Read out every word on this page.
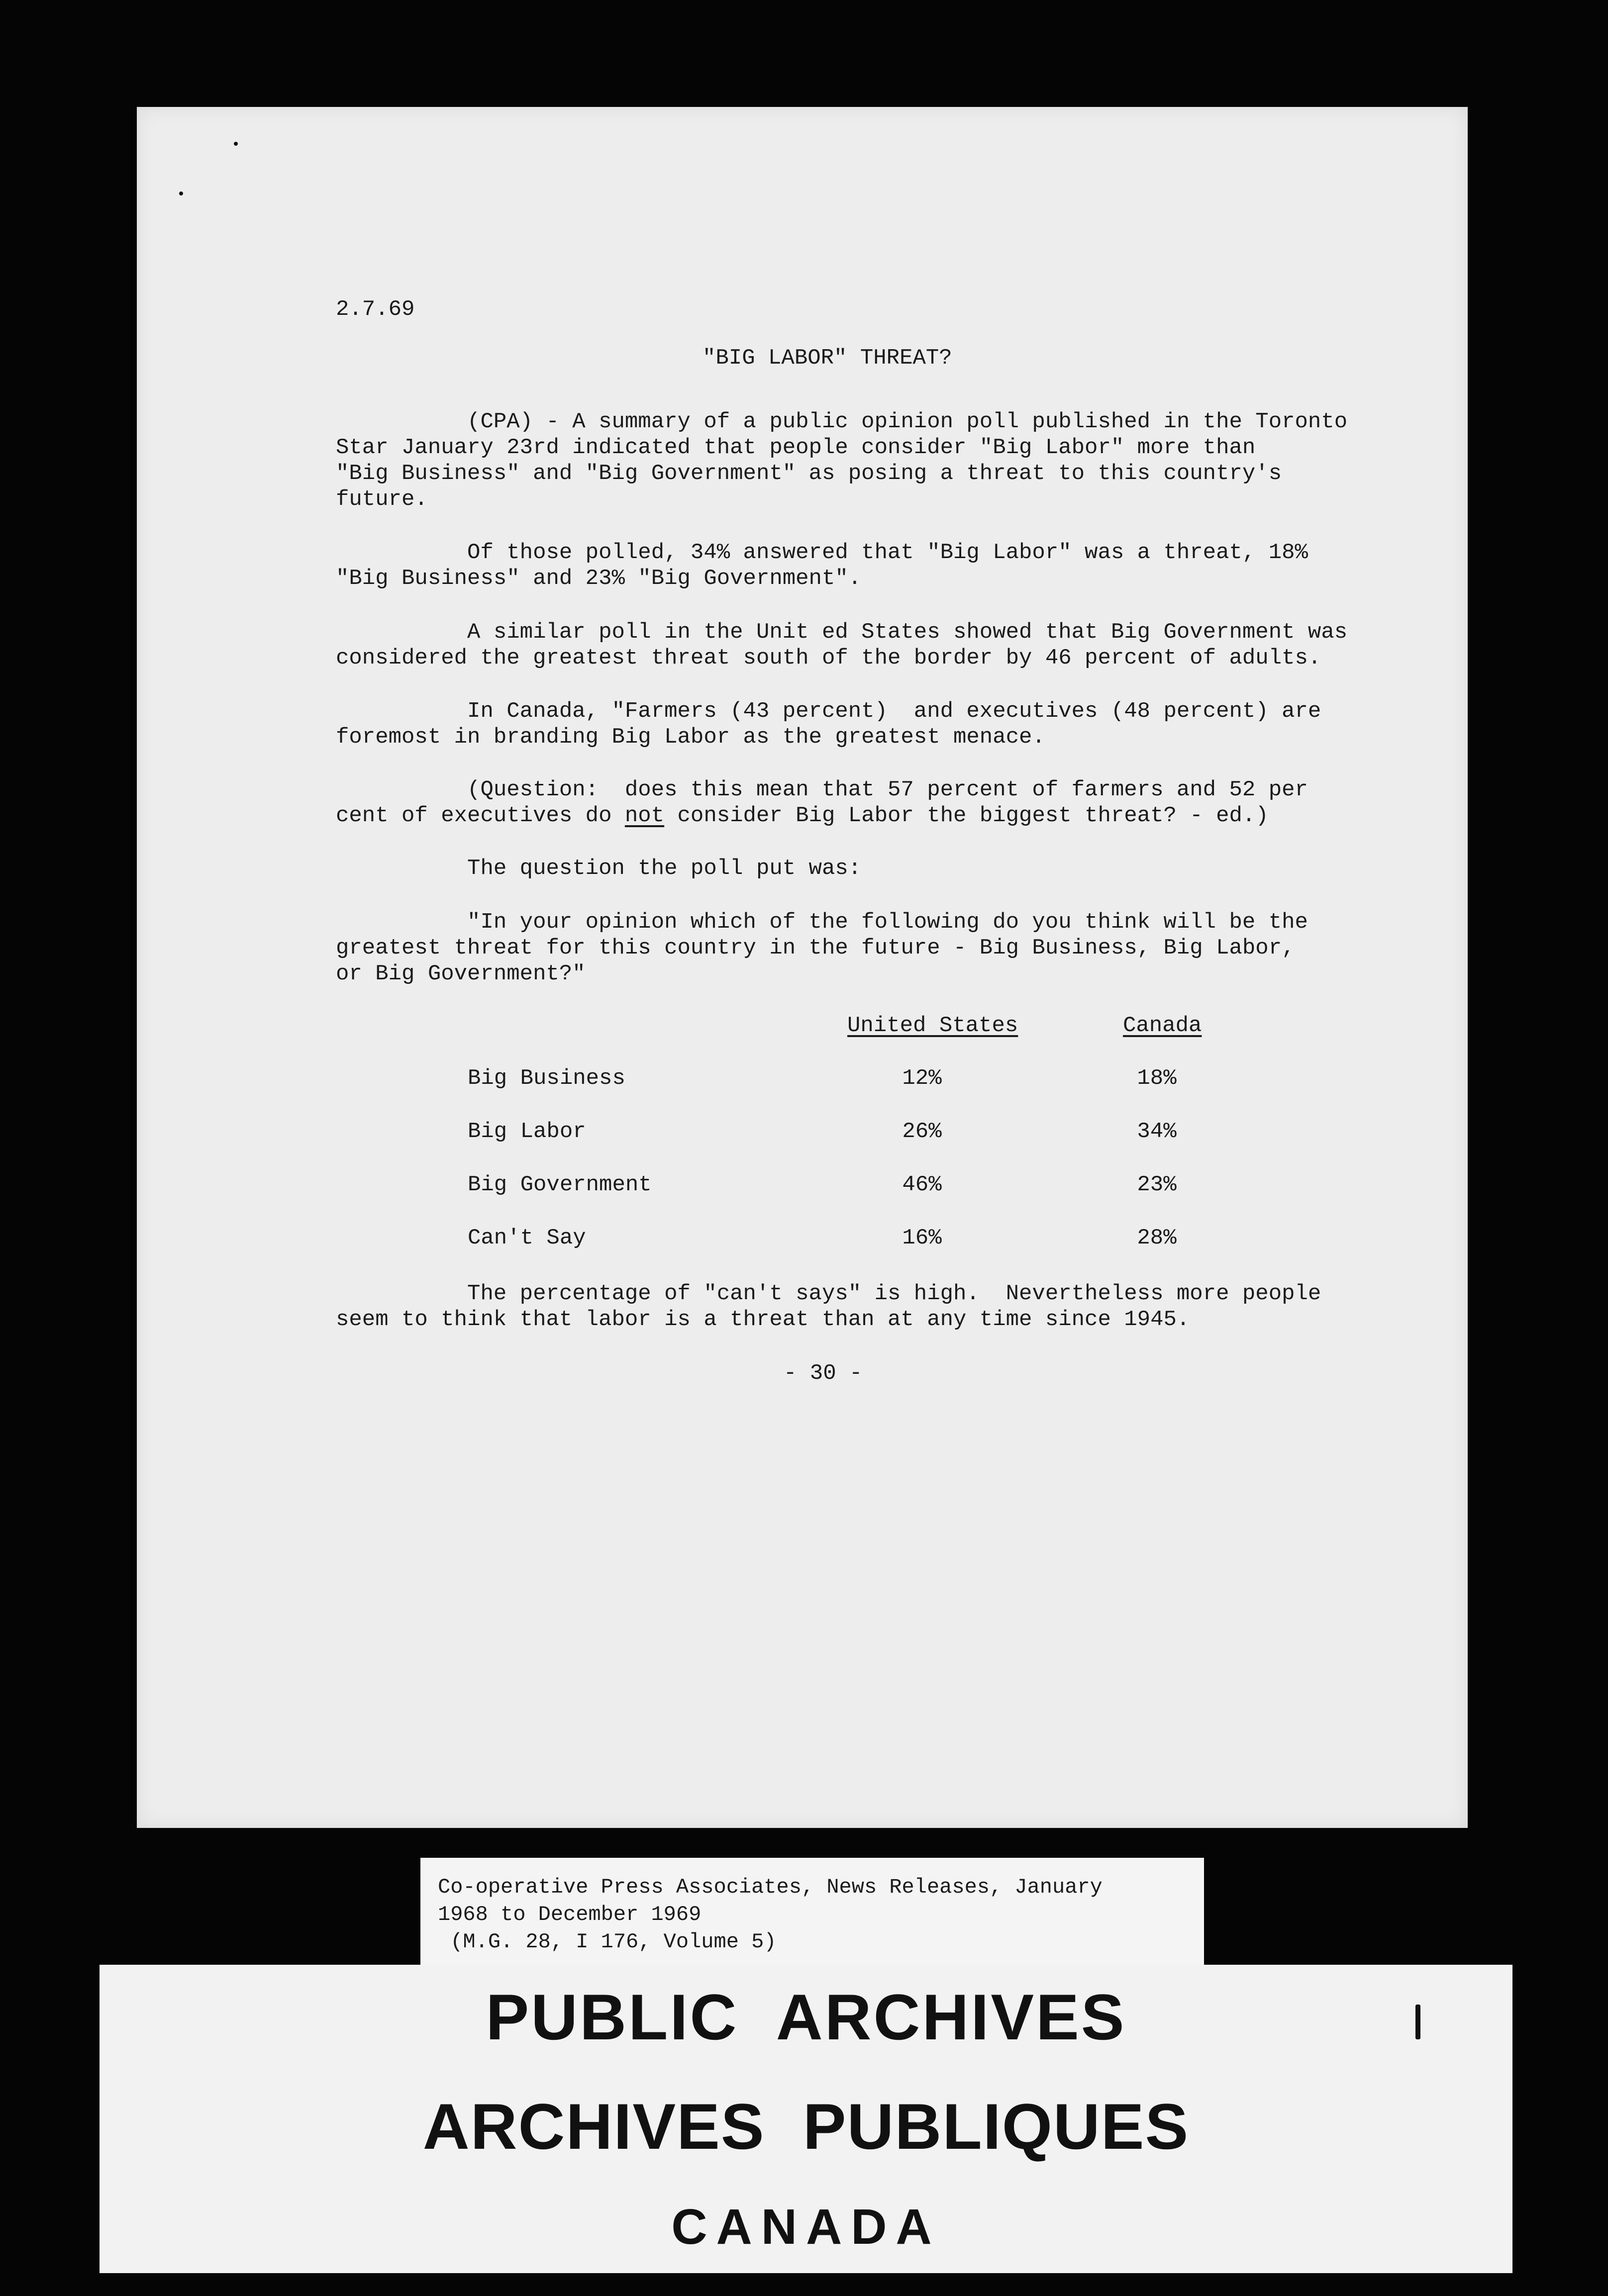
2.7.69
"BIG LABOR" THREAT?
(CPA) - A summary of a public opinion poll published in the Toronto
Star January 23rd indicated that people consider "Big Labor" more than
"Big Business" and "Big Government" as posing a threat to this country's
future.
Of those polled, 34% answered that "Big Labor" was a threat, 18%
"Big Business" and 23% "Big Government".
A similar poll in the Unit ed States showed that Big Government was
considered the greatest threat south of the border by 46 percent of adults.
In Canada, "Farmers (43 percent)  and executives (48 percent) are
foremost in branding Big Labor as the greatest menace.
(Question:  does this mean that 57 percent of farmers and 52 per
cent of executives do not consider Big Labor the biggest threat? - ed.)
The question the poll put was:
"In your opinion which of the following do you think will be the
greatest threat for this country in the future - Big Business, Big Labor,
or Big Government?"
United States	Canada
Big Business	12%	18%
Big Labor	26%	34%
Big Government	46%	23%
Can't Say	16%	28%
The percentage of "can't says" is high.  Nevertheless more people
seem to think that labor is a threat than at any time since 1945.
- 30 -
Co-operative Press Associates, News Releases, January
1968 to December 1969
(M.G. 28, I 176, Volume 5)
PUBLIC  ARCHIVES
ARCHIVES  PUBLIQUES
CANADA
